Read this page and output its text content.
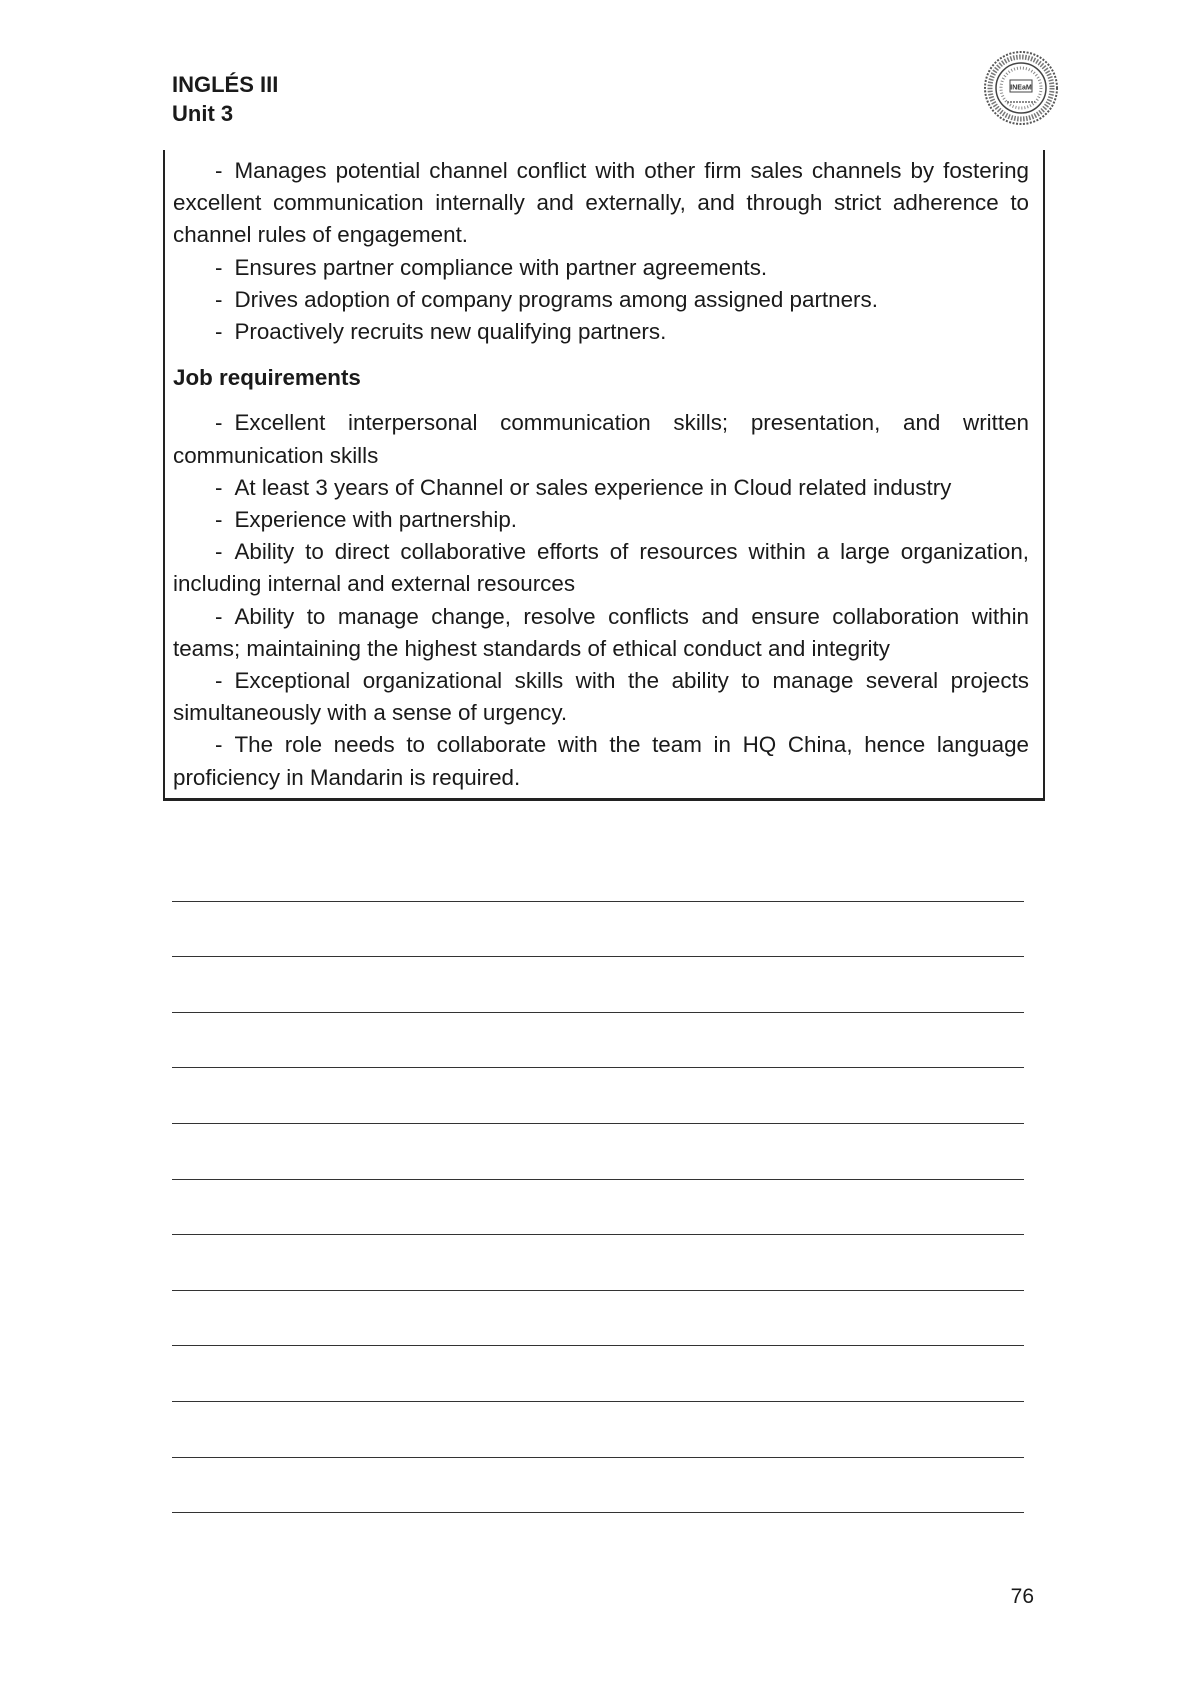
INGLÉS III
Unit 3
INEaM

- Manages potential channel conflict with other firm sales channels by fostering excellent communication internally and externally, and through strict adherence to channel rules of engagement.

- Ensures partner compliance with partner agreements.

- Drives adoption of company programs among assigned partners.

- Proactively recruits new qualifying partners.

Job requirements

- Excellent interpersonal communication skills; presentation, and written communication skills

- At least 3 years of Channel or sales experience in Cloud related industry

- Experience with partnership.

- Ability to direct collaborative efforts of resources within a large organization, including internal and external resources

- Ability to manage change, resolve conflicts and ensure collaboration within teams; maintaining the highest standards of ethical conduct and integrity

- Exceptional organizational skills with the ability to manage several projects simultaneously with a sense of urgency.

- The role needs to collaborate with the team in HQ China, hence language proficiency in Mandarin is required.

76
